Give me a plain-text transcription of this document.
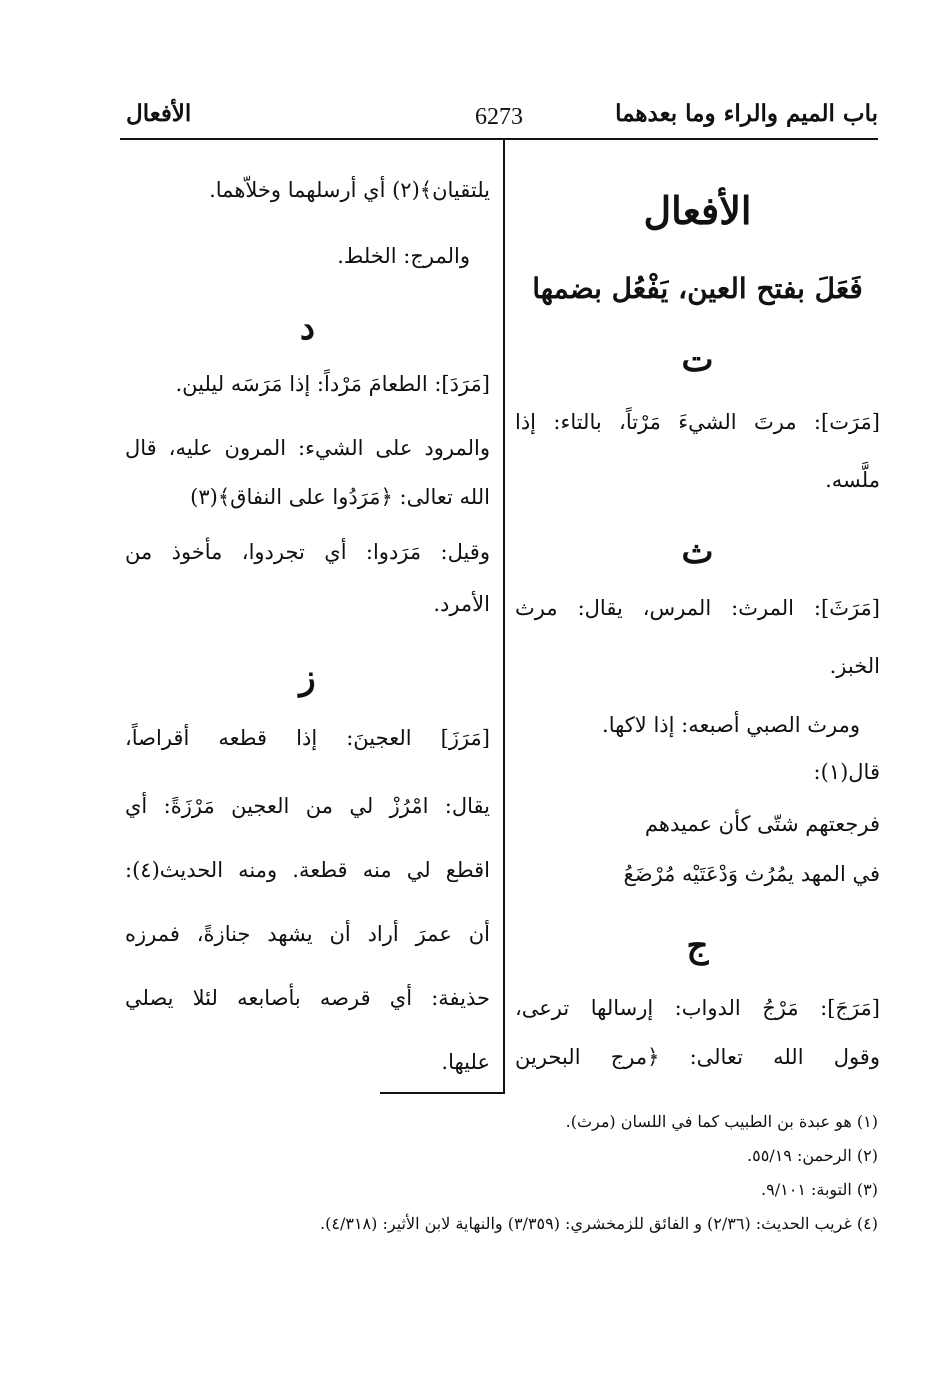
الأفعال	6273	باب الميم والراء وما بعدهما
الأفعال
فَعَلَ بفتح العين، يَفْعُل بضمها
ت
[مَرَت]: مرتَ الشيءَ مَرْتاً، بالتاء: إذا
ملَّسه.
ث
[مَرَثَ]: المرث: المرس، يقال: مرث
الخبز.
ومرث الصبي أصبعه: إذا لاكها.
قال(١):
فرجعتهم شتّى كأن عميدهم
في المهد يمُرُث وَدْعَتَيْه مُرْضَعُ
ج
[مَرَجَ]: مَرْجُ الدواب: إرسالها ترعى،
وقول الله تعالى: ﴿مرج البحرين
يلتقيان﴾(٢) أي أرسلهما وخلاّهما.
والمرج: الخلط.
د
[مَرَدَ]: الطعامَ مَرْداً: إذا مَرَسَه ليلين.
والمرود على الشيء: المرون عليه، قال
الله تعالى: ﴿مَرَدُوا على النفاق﴾(٣)
وقيل: مَرَدوا: أي تجردوا، مأخوذ من
الأمرد.
ز
[مَرَزَ] العجينَ: إذا قطعه أقراصاً،
يقال: امْرُزْ لي من العجين مَرْزَةً: أي
اقطع لي منه قطعة. ومنه الحديث(٤):
أن عمرَ أراد أن يشهد جنازةً، فمرزه
حذيفة: أي قرصه بأصابعه لئلا يصلي
عليها.
(١) هو عبدة بن الطبيب كما في اللسان (مرث).
(٢) الرحمن: ٥٥/١٩.
(٣) التوبة: ٩/١٠١.
(٤) غريب الحديث: (٢/٣٦) و الفائق للزمخشري: (٣/٣٥٩) والنهاية لابن الأثير: (٤/٣١٨).
